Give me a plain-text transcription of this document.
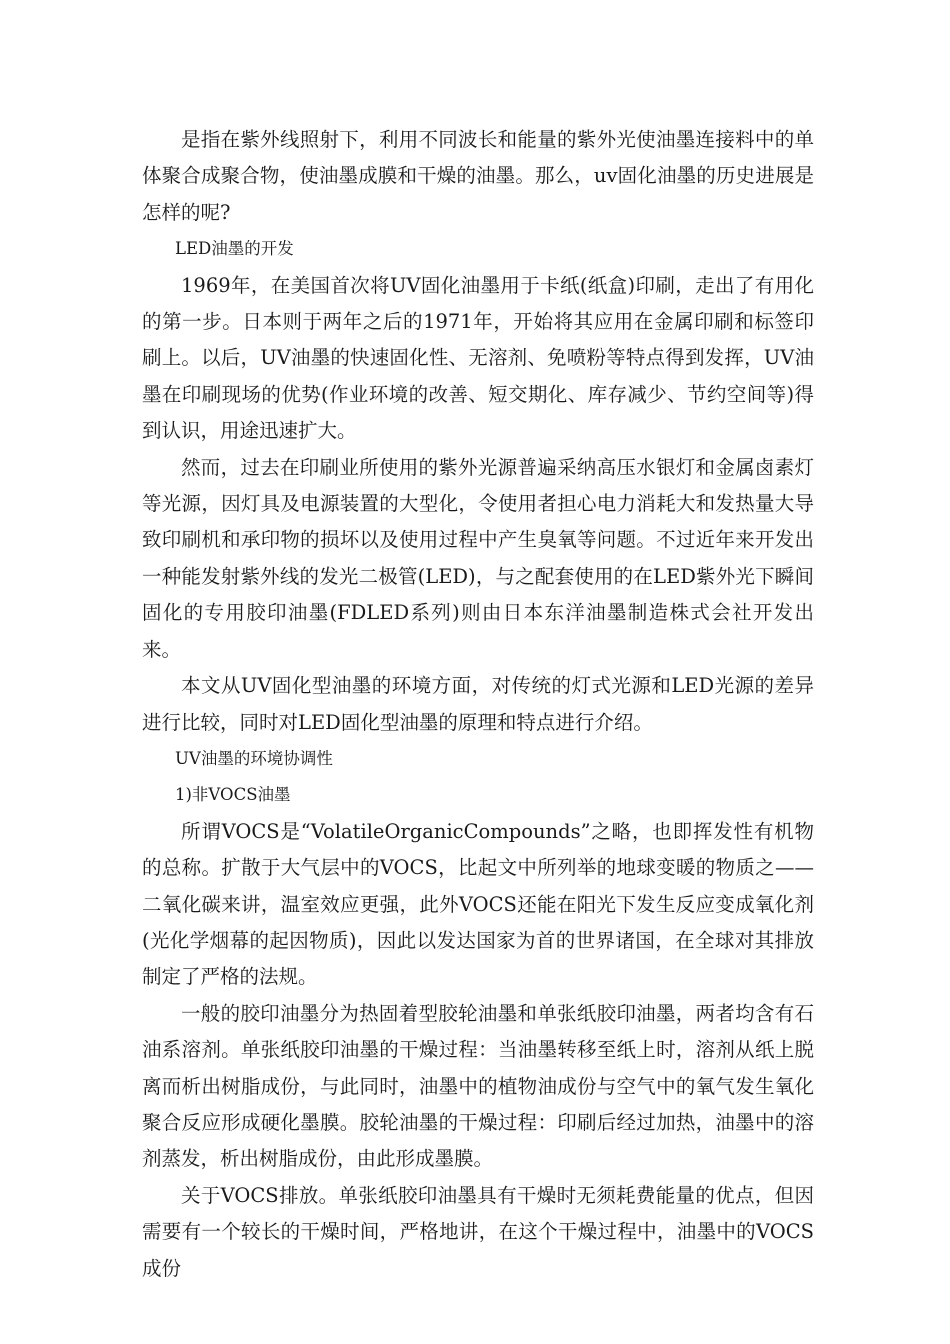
是指在紫外线照射下，利用不同波长和能量的紫外光使油墨连接料中的单体聚合成聚合物，使油墨成膜和干燥的油墨。那么，uv固化油墨的历史进展是怎样的呢?

LED油墨的开发

1969年，在美国首次将UV固化油墨用于卡纸(纸盒)印刷，走出了有用化的第一步。日本则于两年之后的1971年，开始将其应用在金属印刷和标签印刷上。以后，UV油墨的快速固化性、无溶剂、免喷粉等特点得到发挥，UV油墨在印刷现场的优势(作业环境的改善、短交期化、库存减少、节约空间等)得到认识，用途迅速扩大。

然而，过去在印刷业所使用的紫外光源普遍采纳高压水银灯和金属卤素灯等光源，因灯具及电源装置的大型化，令使用者担心电力消耗大和发热量大导致印刷机和承印物的损坏以及使用过程中产生臭氧等问题。不过近年来开发出一种能发射紫外线的发光二极管(LED)，与之配套使用的在LED紫外光下瞬间固化的专用胶印油墨(FDLED系列)则由日本东洋油墨制造株式会社开发出来。

本文从UV固化型油墨的环境方面，对传统的灯式光源和LED光源的差异进行比较，同时对LED固化型油墨的原理和特点进行介绍。

UV油墨的环境协调性

1)非VOCS油墨

所谓VOCS是“VolatileOrganicCompounds”之略，也即挥发性有机物的总称。扩散于大气层中的VOCS，比起文中所列举的地球变暖的物质之——二氧化碳来讲，温室效应更强，此外VOCS还能在阳光下发生反应变成氧化剂(光化学烟幕的起因物质)，因此以发达国家为首的世界诸国，在全球对其排放制定了严格的法规。

一般的胶印油墨分为热固着型胶轮油墨和单张纸胶印油墨，两者均含有石油系溶剂。单张纸胶印油墨的干燥过程：当油墨转移至纸上时，溶剂从纸上脱离而析出树脂成份，与此同时，油墨中的植物油成份与空气中的氧气发生氧化聚合反应形成硬化墨膜。胶轮油墨的干燥过程：印刷后经过加热，油墨中的溶剂蒸发，析出树脂成份，由此形成墨膜。

关于VOCS排放。单张纸胶印油墨具有干燥时无须耗费能量的优点，但因需要有一个较长的干燥时间，严格地讲，在这个干燥过程中，油墨中的VOCS成份
